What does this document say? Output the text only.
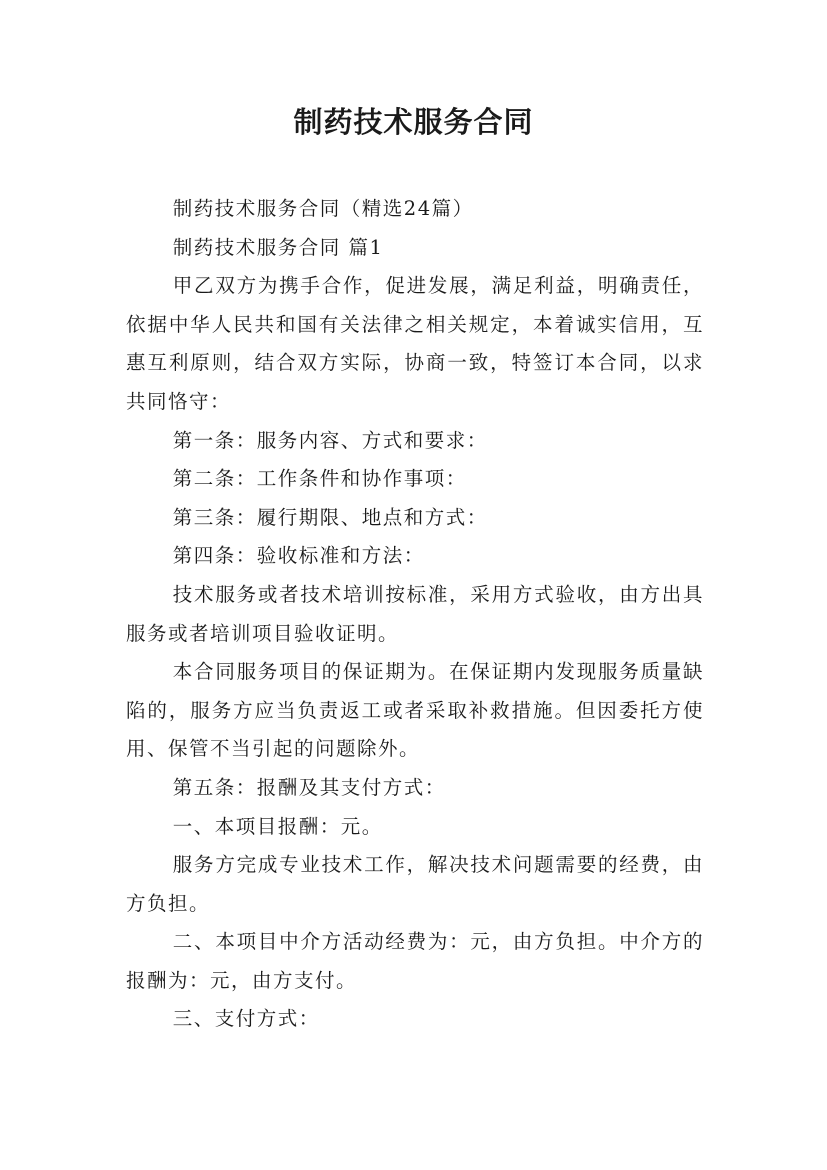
制药技术服务合同

制药技术服务合同（精选24篇）

制药技术服务合同 篇1

甲乙双方为携手合作，促进发展，满足利益，明确责任，依据中华人民共和国有关法律之相关规定，本着诚实信用，互惠互利原则，结合双方实际，协商一致，特签订本合同，以求共同恪守：

第一条：服务内容、方式和要求：

第二条：工作条件和协作事项：

第三条：履行期限、地点和方式：

第四条：验收标准和方法：

技术服务或者技术培训按标准，采用方式验收，由方出具服务或者培训项目验收证明。

本合同服务项目的保证期为。在保证期内发现服务质量缺陷的，服务方应当负责返工或者采取补救措施。但因委托方使用、保管不当引起的问题除外。

第五条：报酬及其支付方式：

一、本项目报酬：元。

服务方完成专业技术工作，解决技术问题需要的经费，由方负担。

二、本项目中介方活动经费为：元，由方负担。中介方的报酬为：元，由方支付。

三、支付方式：
